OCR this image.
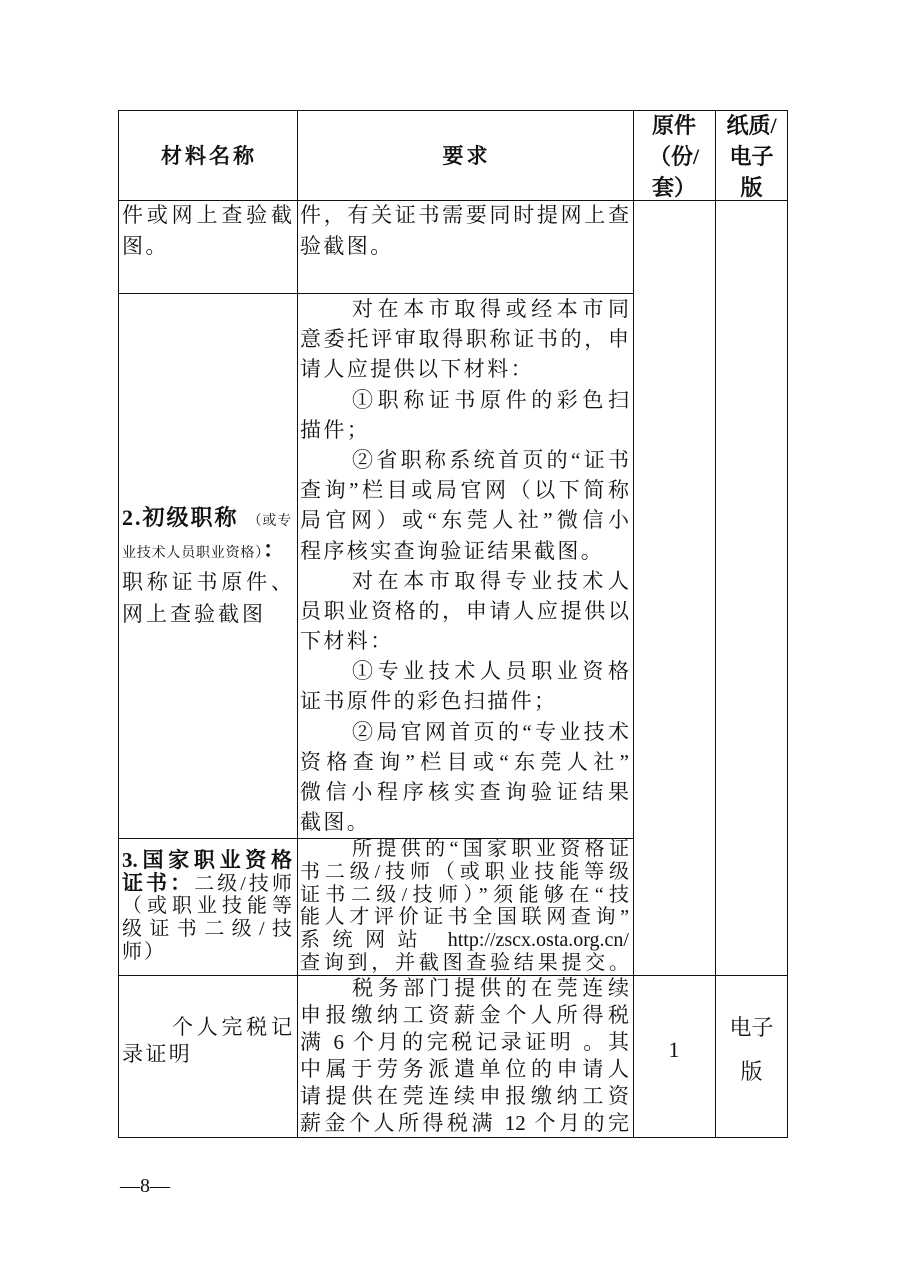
材料名称	要求
原件
（份/
套）
纸质/
电子
版
件或网上查验截
图。
件，有关证书需要同时提网上查
验截图。
2.初级职称 （或专
业技术人员职业资格）：
职称证书原件、
网上查验截图
对在本市取得或经本市同
意委托评审取得职称证书的，申
请人应提供以下材料：
①职称证书原件的彩色扫
描件；
②省职称系统首页的“证书
查询”栏目或局官网（以下简称
局官网）或“东莞人社”微信小
程序核实查询验证结果截图。
对在本市取得专业技术人
员职业资格的，申请人应提供以
下材料：
①专业技术人员职业资格
证书原件的彩色扫描件；
②局官网首页的“专业技术
资格查询”栏目或“东莞人社”
微信小程序核实查询验证结果
截图。
3.国家职业资格
证书：二级/技师
（或职业技能等
级证书二级/技
师）
所提供的“国家职业资格证
书二级/技师（或职业技能等级
证书二级/技师）”须能够在“技
能人才评价证书全国联网查询”
系统网站 http://zscx.osta.org.cn/
查询到，并截图查验结果提交。
个人完税记
录证明
税务部门提供的在莞连续
申报缴纳工资薪金个人所得税
满 6 个月的完税记录证明 。其
中属于劳务派遣单位的申请人
请提供在莞连续申报缴纳工资
薪金个人所得税满 12 个月的完
1
电子
版
—8—
